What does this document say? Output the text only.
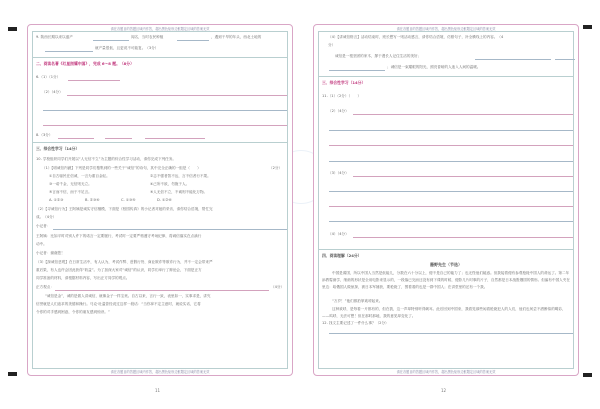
请在各题目的答题区域内作答，超出黑色矩形边框限定区域的答案无效
9. 陕西长期以来以盛产	闻名，当时农民种植	，遇到干旱的年头，西北土地的
就产量很低，且更说不可能复。（3分）
二、阅读名著《红星照耀中国》，完成 6～8 题。（8分）
6.（1）（1分）
（2）（4分）
8.（3分）
三、综合性学习（14分）
10. 学校组织同学们开展以“人无信不立”为主题的综合性学习活动，请你完成下列任务。
（1）【明诚信内涵】下列是同学们搜集到的一些关于“诚信”的诗句，其中完全正确的一组是（　　）	（2分）
①自古驱民在信诚，一言为重百金轻。	②志不强者智不达，言不信者行不果。
③一诺千金，无信则无立。	④己所不欲，勿施于人。
⑤言而不信，而于不足言。	⑥人无信不立，不诚则不能化万物。
A. ①②③	B. ②③⑥	C. ①③⑤	D. ①②⑥
（2）【寻诚信行为】王阿姨是诚实守信楷模，下面是《校园传真》的小记者对她的采访，请你结合语境，帮忙完
成。（4分）
小记者：
王阿姨：比如平时对别人许下的诺言一定要履行，考试时一定要严格遵守考场纪律，将诚信落实在点滴行
动中。
小记者：谢谢您！
（3）【探诚信悲观】在日常生活中，有人认为，考试作弊、虚假行货、商业欺诈等欺诈行为，并不一定会带来严
重后果，有人也许会因此获得“收益”。为了加深大家对“诚信”的认识，同学们举行了辩论会，下面是正方
同学准备的材料，请根据材料内容，写出正方同学的观点。
正方观点：	（4分）
“诚信是金”，诚的是做人讲诚信，就像金子一样宝贵。自古以来，言行一致，表里如一，实事求是，讲究
信誉就是人们追求的美德和操行。马克·吐温曾经说过这样一段话：“当你拿不定主意时，就说实话，它将
令你的对手感到困惑，令你的朋友感到惊讶。”
请在各题目的答题区域内作答，超出黑色矩形边框限定区域的答案无效
11
请在各题目的答题区域内作答，超出黑色矩形边框限定区域的答案无效
（4）【讲诚信格言】活动结束时，班长想写一则活动感言，请你结合语境，仿照句子，补全横线上的内容。（4
分）
诚信是一根坚固的家木，撑于漫长人记住生活的美好；
；诚信是一束耀眼的阳光，照亮昏暗的人迷入人间的温暖。
三、综合性学习（14分）
11.（1）（2分）（　　）
（2）（4分）
（3）（4分）
（4）（4分）
四、阅读理解（24分）
藤野先生（节选）
中国是弱国，所以中国人当然是低能儿，分数在六十分以上，便不是自己的能力了；也无怪他们疑惑。但我接着便有参观枪毙中国人的命运了。第二年添教霉菌学，细菌的形状是全用电影来显示的，一段落已完而还没有到下课的时候，便影几片时事的片子，自然都是日本战胜俄国的情形。但偏有中国人夹在里边：给俄国人做侦探，被日本军捕获，要枪毙了，围着看的也是一群中国人；在讲堂里的还有一个我。
“万岁！”他们都拍掌欢呼起来。
这种欢呼，是每看一片都有的，但在我，这一声却特别听得刺耳。此后回到中国来，我看见那些闲看枪毙犯人的人们，他们也何尝不酒醉似的喝彩，——呜呼，无法可想！但在那时那地，我的意见却变化了。
12. 找文主要记述了一件什么事？（2分）
请在各题目的答题区域内作答，超出黑色矩形边框限定区域的答案无效
12
